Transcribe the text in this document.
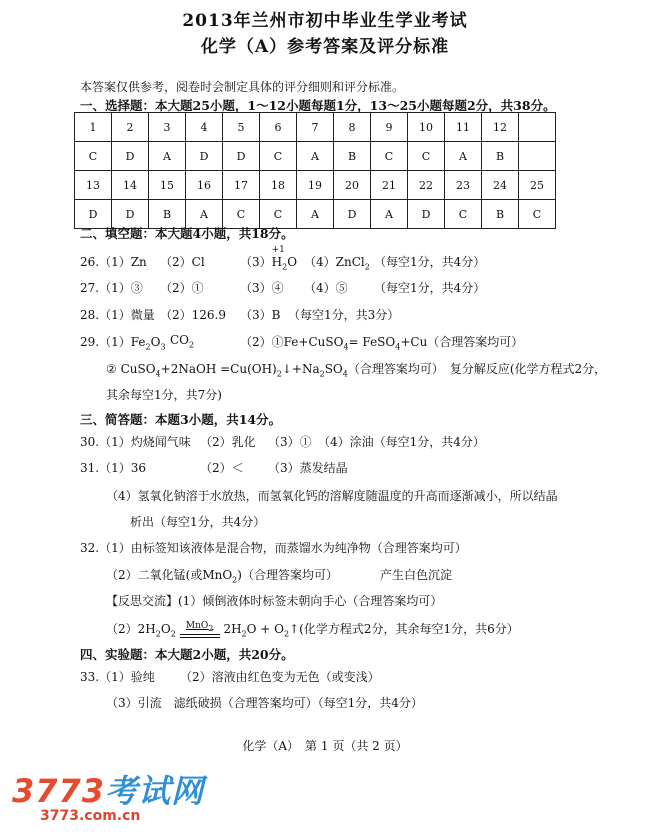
2013年兰州市初中毕业生学业考试
化学（A）参考答案及评分标准
本答案仅供参考，阅卷时会制定具体的评分细则和评分标准。
一、选择题：本大题25小题，1～12小题每题1分，13～25小题每题2分，共38分。
1	2	3	4	5	6	7	8	9	10	11	12	
C	D	A	D	D	C	A	B	C	C	A	B	
13	14	15	16	17	18	19	20	21	22	23	24	25
D	D	B	A	C	C	A	D	A	D	C	B	C
二、填空题：本大题4小题，共18分。
26.（1）Zn （2）Cl	（3）
+1
$H_2O$ （4）ZnCl$_2$ （每空1分，共4分）
27.（1）③ （2）①	（3）④ （4）⑤ （每空1分，共4分）
28.（1）微量 （2）126.9 （3）B （每空1分，共3分）
$29.(1)Fe_2O_3$ $CO_2$	（2）①Fe+CuSO$_4$= FeSO$_4$+Cu（合理答案均可）
② CuSO$_4$+2NaOH $=Cu(OH)_2↓+Na_2SO_4$（合理答案均可）　复分解反应(化学方程式2分，
其余每空1分，共7分)
三、简答题：本题3小题，共14分。
30.（1）灼烧闻气味 （2）乳化 （3）① （4）涂油（每空1分，共4分）
31.（1）36	（2）＜ （3）蒸发结晶
（4）氢氧化钠溶于水放热，而氢氧化钙的溶解度随温度的升高而逐渐减小，所以结晶
析出（每空1分，共4分）
32.（1）由标签知该液体是混合物，而蒸馏水为纯净物（合理答案均可）
（2）二氧化锰(或MnO$_2$)（合理答案均可）	产生白色沉淀
【反思交流】(1）倾倒液体时标签未朝向手心（合理答案均可）
$(2)2H_2O_2$
MnO$_2$ $2H_2O$ + $O_2↑$(化学方程式2分，其余每空1分，共6分）
四、实验题：本大题2小题，共20分。
33.（1）验纯 （2）溶液由红色变为无色（或变浅）
（3）引流　滤纸破损（合理答案均可）（每空1分，共4分）
化学（A）　第 1 页（共 2 页）
3773考试网
3773.com.cn
